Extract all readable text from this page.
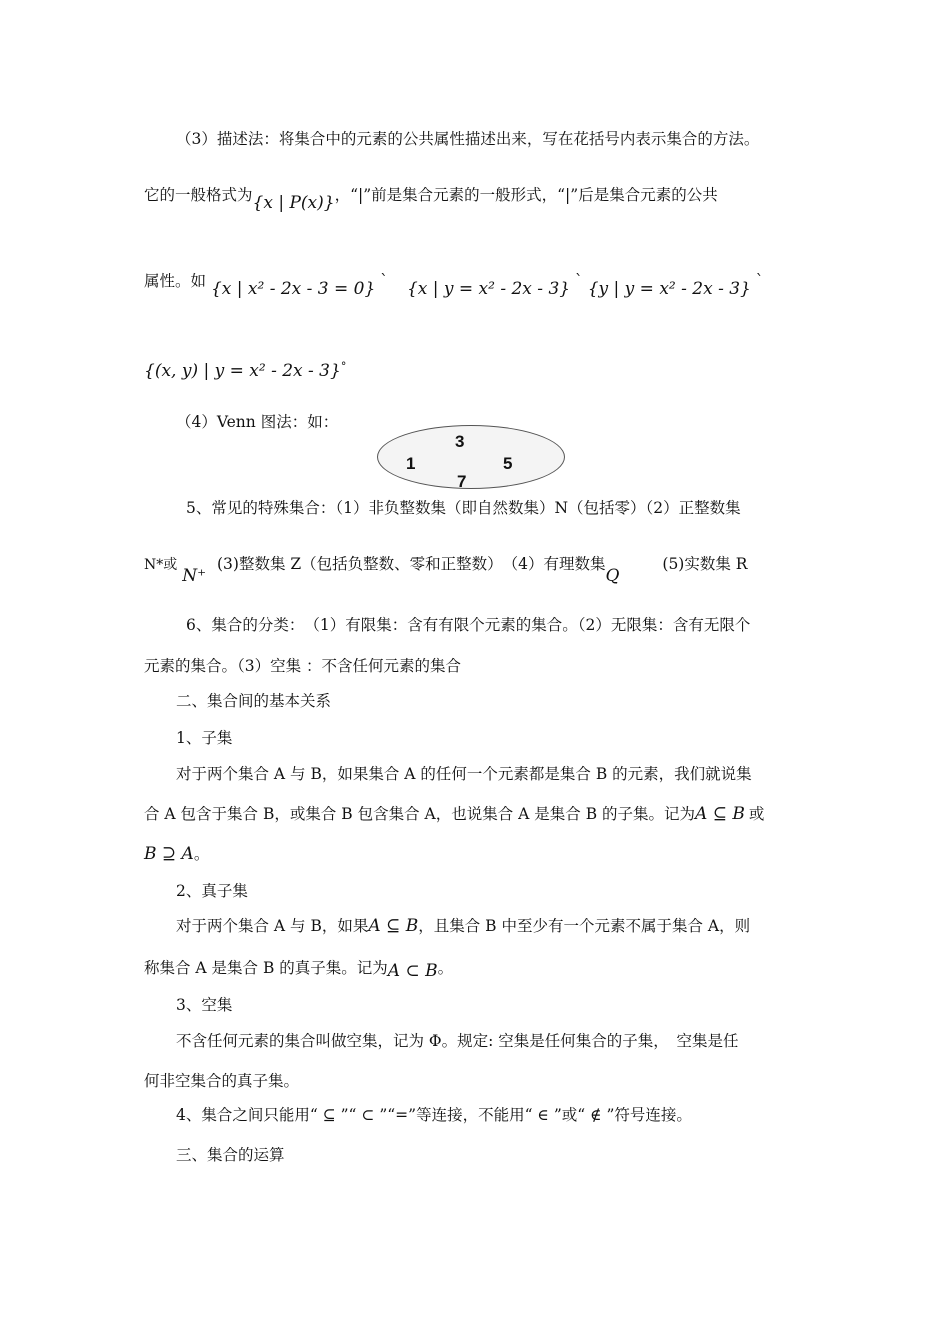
（3）描述法：将集合中的元素的公共属性描述出来，写在花括号内表示集合的方法。
它的一般格式为{x | P(x)}，“|”前是集合元素的一般形式，“|”后是集合元素的公共
属性。如 {x | x² - 2x - 3 = 0} ` {x | y = x² - 2x - 3} ` {y | y = x² - 2x - 3} `
{(x, y) | y = x² - 2x - 3}°
（4）Venn 图法：如：
3
1	5
7
5、常见的特殊集合：（1）非负整数集（即自然数集）N（包括零）（2）正整数集
N*或 N⁺ (3)整数集 Z（包括负整数、零和正整数）　（4）有理数集Q (5)实数集 R
6、集合的分类：　（1）有限集：含有有限个元素的集合。（2）无限集：含有无限个
元素的集合。（3）空集 ：不含任何元素的集合
二、集合间的基本关系
1、子集
对于两个集合 A 与 B，如果集合 A 的任何一个元素都是集合 B 的元素，我们就说集
合 A 包含于集合 B，或集合 B 包含集合 A，也说集合 A 是集合 B 的子集。记为A ⊆ B 或
B ⊇ A。
2、真子集
对于两个集合 A 与 B，如果A ⊆ B，且集合 B 中至少有一个元素不属于集合 A，则
称集合 A 是集合 B 的真子集。记为A ⊂ B。
3、空集
不含任何元素的集合叫做空集，记为 Φ。规定: 空集是任何集合的子集，　空集是任
何非空集合的真子集。
4、集合之间只能用“ ⊆ ”“ ⊂ ”“=”等连接，不能用“ ∈ ”或“ ∉ ”符号连接。
三、集合的运算
